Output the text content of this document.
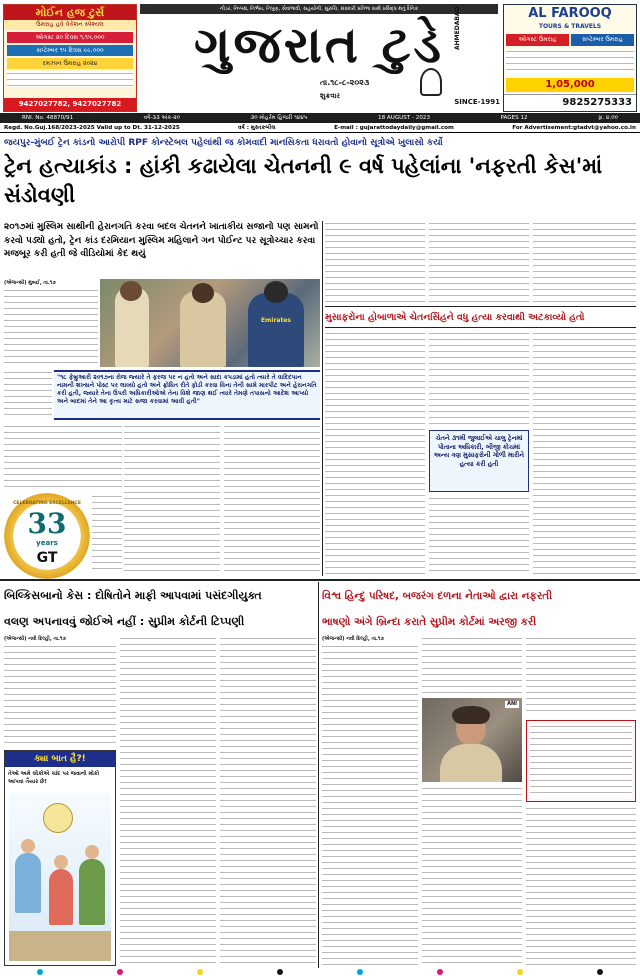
મોઈન હજ ટુર્સ
ઉમરાહ હવે વેકેશન સ્પેશ્યલ
ઓગસ્ટ ૨૦ દિવસ ૧,૧૫,૦૦૦
સપ્ટેમ્બર ૧૫ દિવસ ૯૯,૦૦૦
રમઝાન ઉમરાહ ૨૦૨૪
9427027782, 9427027782
નીડર, નિષ્પક્ષ, નિર્ભય, નિપુણ, સેવાભાવી, સહયોગી, સુરુચિ, સંસ્કારી પ્રતિભા સાથે પ્રસિદ્ધ થતું દૈનિક
ગુજરાત ટુડે	AHMEDABAD
તા.૧૮-૮-૨૦૨૩
શુક્રવાર
SINCE-1991
AL FAROOQ
TOURS & TRAVELS
ઓગસ્ટ ઉમરાહ	સપ્ટેમ્બર ઉમરાહ
1,05,000
9825275333
RNI. No. 48870/91	વર્ષ-૩૩ અંક-૨૦	૩૦ મોહર્રમ હિજરી ૧૪૪૫	18 AUGUST - 2023	PAGES 12	રૂા. ૪.૦૦
Regd. No.Guj.168/2023-2025 Valid up to Dt. 31-12-2025	વર્ષ : મુસ્તકબીલ	E-mail : gujarattodaydaily@gmail.com	For Advertisement:gtadvt@yahoo.co.in
જયપુર-મુંબઈ ટ્રેન કાંડનો આરોપી RPF કોન્સ્ટેબલ પહેલાંથી જ કોમવાદી માનસિકતા ધરાવતો હોવાનો સૂત્રોએ ખુલાસો કર્યો
ટ્રેન હત્યાકાંડ : હાંકી કઢાયેલા ચેતનની ૯ વર્ષ પહેલાંના 'નફરતી કેસ'માં સંડોવણી
૨૦૧૭માં મુસ્લિમ સાથીની હેરાનગતિ કરવા બદલ ચેતનને ખાતાકીય સજાનો પણ સામનો કરવો પડ્યો હતો, ટ્રેન કાંડ દરમિયાન મુસ્લિમ મહિલાને ગન પોઈન્ટ પર સૂત્રોચ્ચાર કરવા મજબૂર કરી હતી જે વીડિયોમાં કેદ થયું
(એજન્સી) મુંબઈ, તા.૧૭
Emirates
"૧૮ ફેબ્રુઆરી ૨૦૧૭ના રોજ જ્યારે તે ફરજ પર ન હતો અને સાદા કપડામાં હતો ત્યારે તે વાદિદપાન નામની શખ્સને પોસ્ટ પર લાવ્યો હતો અને ફ્રોધિત રીતે ફોડી કરવા વિના તેની સામે મારપીટ અને હેરાનગતિ કરી હતી, જ્યારે તેના ઉપરી અધિકારીઓએ તેના વિશે જાણ થઈ ત્યારે તેમણે તપાસનો આદેશ આપ્યો અને બાદમાં તેને આ કૃત્ય માટે સજા કરવામાં આવી હતી"
CELEBRATING EXCELLENCE
33
years
GT
મુસાફરોના હોબાળાએ ચેતનસિંહને વધુ હત્યા કરવાથી અટકાવ્યો હતો
ચેતને ૩૧મી જુલાઈએ ચાલુ ટ્રેનમાં પોતાના અધિકારી, બીજી કોચમાં અન્ય ત્રણ મુસાફરોની ગોળી મારીને હત્યા કરી હતી
બિલ્કિસબાનો કેસ : દોષિતોને માફી આપવામાં પસંદગીયુક્ત
વલણ અપનાવવું જોઈએ નહીં : સુપ્રીમ કોર્ટની ટિપ્પણી
(એજન્સી) નવી દિલ્હી, તા.૧૭
ક્યા બાત હૈ?!
તેઓ અમે લોકોએ ચાંદ પર જવાનો મોકો આપવા તૈયાર છે!
વિશ્વ હિન્દુ પરિષદ, બજરંગ દળના નેતાઓ દ્વારા નફરતી
ભાષણો અંગે બ્રિન્દા કરાતે સુપ્રીમ કોર્ટમાં અરજી કરી
(એજન્સી) નવી દિલ્હી, તા.૧૭
ANI
